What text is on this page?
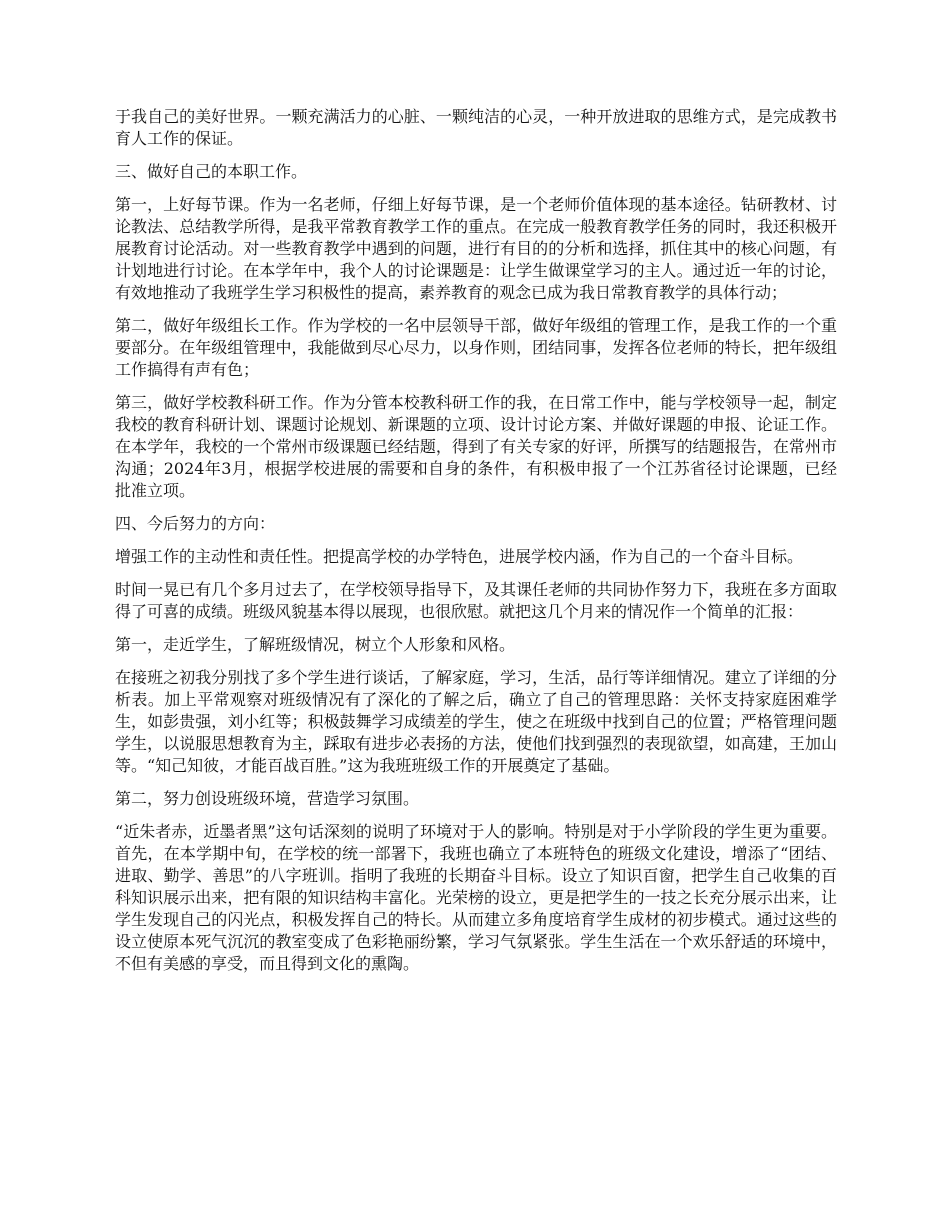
于我自己的美好世界。一颗充满活力的心脏、一颗纯洁的心灵，一种开放进取的思维方式，是完成教书育人工作的保证。

三、做好自己的本职工作。

第一，上好每节课。作为一名老师，仔细上好每节课，是一个老师价值体现的基本途径。钻研教材、讨论教法、总结教学所得，是我平常教育教学工作的重点。在完成一般教育教学任务的同时，我还积极开展教育讨论活动。对一些教育教学中遇到的问题，进行有目的的分析和选择，抓住其中的核心问题，有计划地进行讨论。在本学年中，我个人的讨论课题是：让学生做课堂学习的主人。通过近一年的讨论，有效地推动了我班学生学习积极性的提高，素养教育的观念已成为我日常教育教学的具体行动；

第二，做好年级组长工作。作为学校的一名中层领导干部，做好年级组的管理工作，是我工作的一个重要部分。在年级组管理中，我能做到尽心尽力，以身作则，团结同事，发挥各位老师的特长，把年级组工作搞得有声有色；

第三，做好学校教科研工作。作为分管本校教科研工作的我，在日常工作中，能与学校领导一起，制定我校的教育科研计划、课题讨论规划、新课题的立项、设计讨论方案、并做好课题的申报、论证工作。在本学年，我校的一个常州市级课题已经结题，得到了有关专家的好评，所撰写的结题报告，在常州市沟通；2024年3月，根据学校进展的需要和自身的条件，有积极申报了一个江苏省径讨论课题，已经批准立项。

四、今后努力的方向：

增强工作的主动性和责任性。把提高学校的办学特色，进展学校内涵，作为自己的一个奋斗目标。

时间一晃已有几个多月过去了，在学校领导指导下，及其课任老师的共同协作努力下，我班在多方面取得了可喜的成绩。班级风貌基本得以展现，也很欣慰。就把这几个月来的情况作一个简单的汇报：

第一，走近学生，了解班级情况，树立个人形象和风格。

在接班之初我分别找了多个学生进行谈话，了解家庭，学习，生活，品行等详细情况。建立了详细的分析表。加上平常观察对班级情况有了深化的了解之后，确立了自己的管理思路：关怀支持家庭困难学生，如彭贵强，刘小红等；积极鼓舞学习成绩差的学生，使之在班级中找到自己的位置；严格管理问题学生，以说服思想教育为主，踩取有进步必表扬的方法，使他们找到强烈的表现欲望，如高建，王加山等。“知己知彼，才能百战百胜。”这为我班班级工作的开展奠定了基础。

第二，努力创设班级环境，营造学习氛围。

“近朱者赤，近墨者黑”这句话深刻的说明了环境对于人的影响。特别是对于小学阶段的学生更为重要。首先，在本学期中旬，在学校的统一部署下，我班也确立了本班特色的班级文化建设，增添了“团结、进取、勤学、善思”的八字班训。指明了我班的长期奋斗目标。设立了知识百窗，把学生自己收集的百科知识展示出来，把有限的知识结构丰富化。光荣榜的设立，更是把学生的一技之长充分展示出来，让学生发现自己的闪光点，积极发挥自己的特长。从而建立多角度培育学生成材的初步模式。通过这些的设立使原本死气沉沉的教室变成了色彩艳丽纷繁，学习气氛紧张。学生生活在一个欢乐舒适的环境中，不但有美感的享受，而且得到文化的熏陶。
